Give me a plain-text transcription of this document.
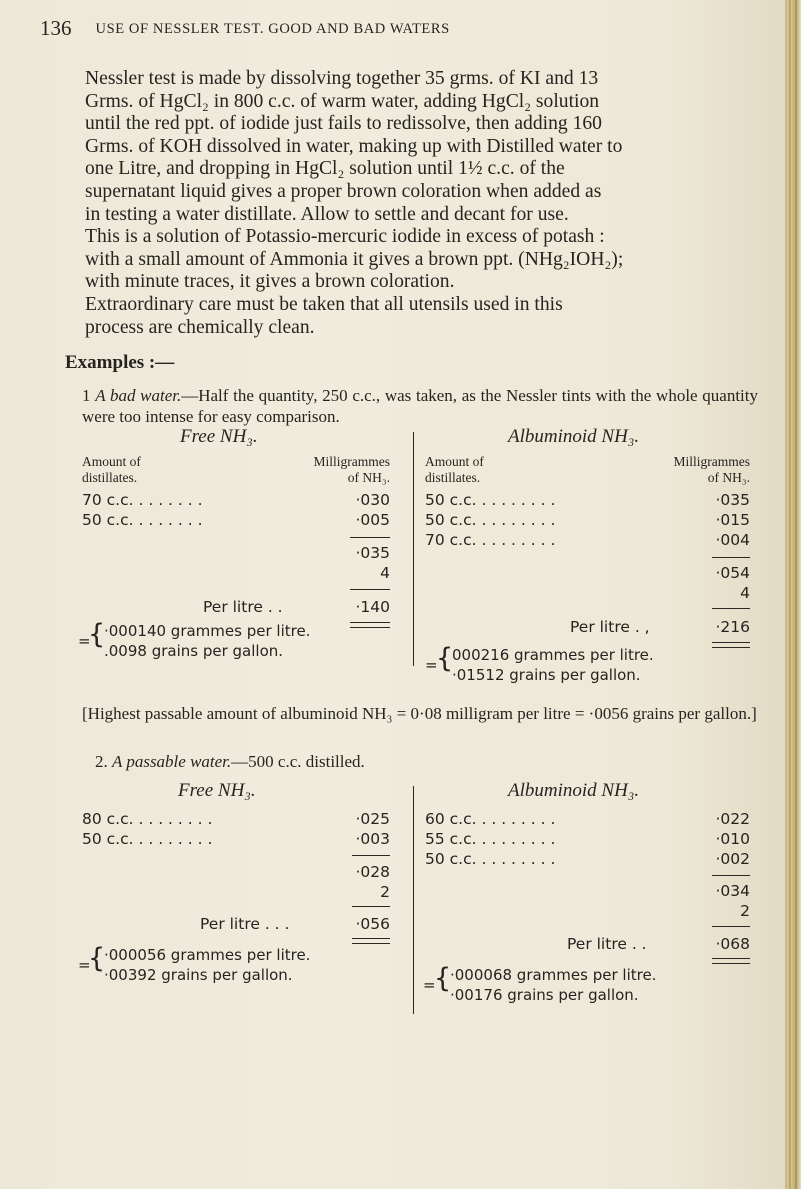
136 USE OF NESSLER TEST. GOOD AND BAD WATERS

Nessler test is made by dissolving together 35 grms. of KI and 13

Grms. of HgCl₂ in 800 c.c. of warm water, adding HgCl₂ solution

until the red ppt. of iodide just fails to redissolve, then adding 160

Grms. of KOH dissolved in water, making up with Distilled water to

one Litre, and dropping in HgCl₂ solution until 1½ c.c. of the

supernatant liquid gives a proper brown coloration when added as

in testing a water distillate. Allow to settle and decant for use.

This is a solution of Potassio-mercuric iodide in excess of potash :

with a small amount of Ammonia it gives a brown ppt. (NHg₂IOH₂);

with minute traces, it gives a brown coloration.

Extraordinary care must be taken that all utensils used in this

process are chemically clean.

Examples :—
1 A bad water.—Half the quantity, 250 c.c., was taken, as the Nessler tints with the whole quantity were too intense for easy comparison.
Free NH₃.
Amount of
distillates.
Milligrammes
of NH₃.
70 c.c. . . . . . . .	·030
50 c.c. . . . . . . .	·005
·035
4
Per litre . .	·140
=
{
·000140 grammes per litre.
.0098 grains per gallon.
Albuminoid NH₃.
Amount of
distillates.
Milligrammes
of NH₃.
50 c.c. . . . . . . . .	·035
50 c.c. . . . . . . . .	·015
70 c.c. . . . . . . . .	·004
·054
4
Per litre . ,	·216
=
{
000216 grammes per litre.
·01512 grains per gallon.
[Highest passable amount of albuminoid NH₃ = 0·08 milligram per litre = ·0056 grains per gallon.]
2. A passable water.—500 c.c. distilled.
Free NH₃.
80 c.c. . . . . . . . .	·025
50 c.c. . . . . . . . .	·003
·028
2
Per litre . . .	·056
=
{
·000056 grammes per litre.
·00392 grains per gallon.
Albuminoid NH₃.
60 c.c. . . . . . . . .	·022
55 c.c. . . . . . . . .	·010
50 c.c. . . . . . . . .	·002
·034
2
Per litre . .	·068
=
{
·000068 grammes per litre.
·00176 grains per gallon.
